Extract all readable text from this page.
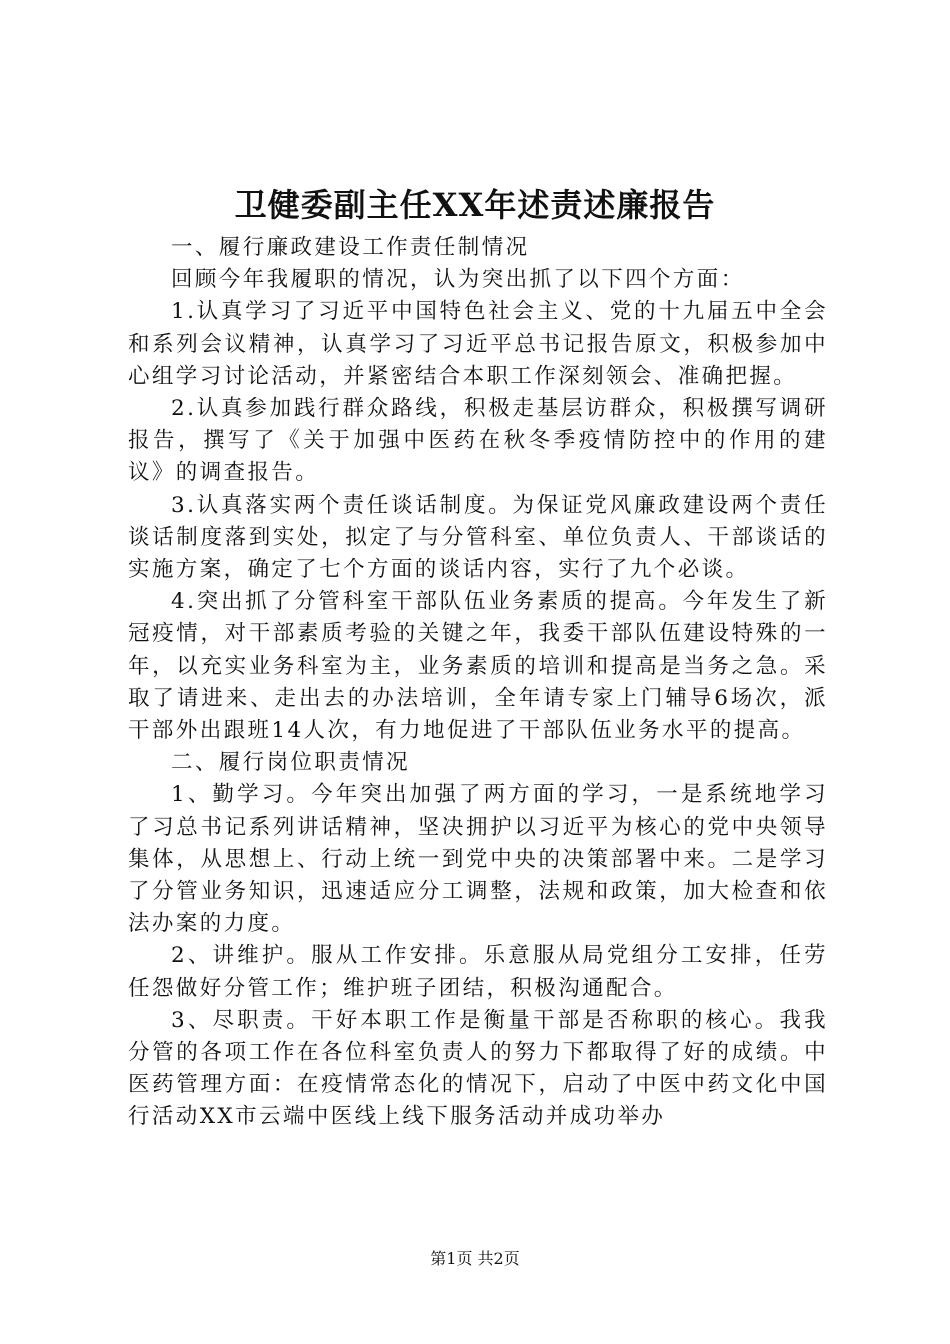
卫健委副主任XX年述责述廉报告

一、履行廉政建设工作责任制情况

回顾今年我履职的情况，认为突出抓了以下四个方面：

1.认真学习了习近平中国特色社会主义、党的十九届五中全会和系列会议精神，认真学习了习近平总书记报告原文，积极参加中心组学习讨论活动，并紧密结合本职工作深刻领会、准确把握。

2.认真参加践行群众路线，积极走基层访群众，积极撰写调研报告，撰写了《关于加强中医药在秋冬季疫情防控中的作用的建议》的调查报告。

3.认真落实两个责任谈话制度。为保证党风廉政建设两个责任谈话制度落到实处，拟定了与分管科室、单位负责人、干部谈话的实施方案，确定了七个方面的谈话内容，实行了九个必谈。

4.突出抓了分管科室干部队伍业务素质的提高。今年发生了新冠疫情，对干部素质考验的关键之年，我委干部队伍建设特殊的一年，以充实业务科室为主，业务素质的培训和提高是当务之急。采取了请进来、走出去的办法培训，全年请专家上门辅导6场次，派干部外出跟班14人次，有力地促进了干部队伍业务水平的提高。

二、履行岗位职责情况

1、勤学习。今年突出加强了两方面的学习，一是系统地学习了习总书记系列讲话精神，坚决拥护以习近平为核心的党中央领导集体，从思想上、行动上统一到党中央的决策部署中来。二是学习了分管业务知识，迅速适应分工调整，法规和政策，加大检查和依法办案的力度。

2、讲维护。服从工作安排。乐意服从局党组分工安排，任劳任怨做好分管工作；维护班子团结，积极沟通配合。

3、尽职责。干好本职工作是衡量干部是否称职的核心。我我分管的各项工作在各位科室负责人的努力下都取得了好的成绩。中医药管理方面：在疫情常态化的情况下，启动了中医中药文化中国行活动XX市云端中医线上线下服务活动并成功举办

第1页 共2页
